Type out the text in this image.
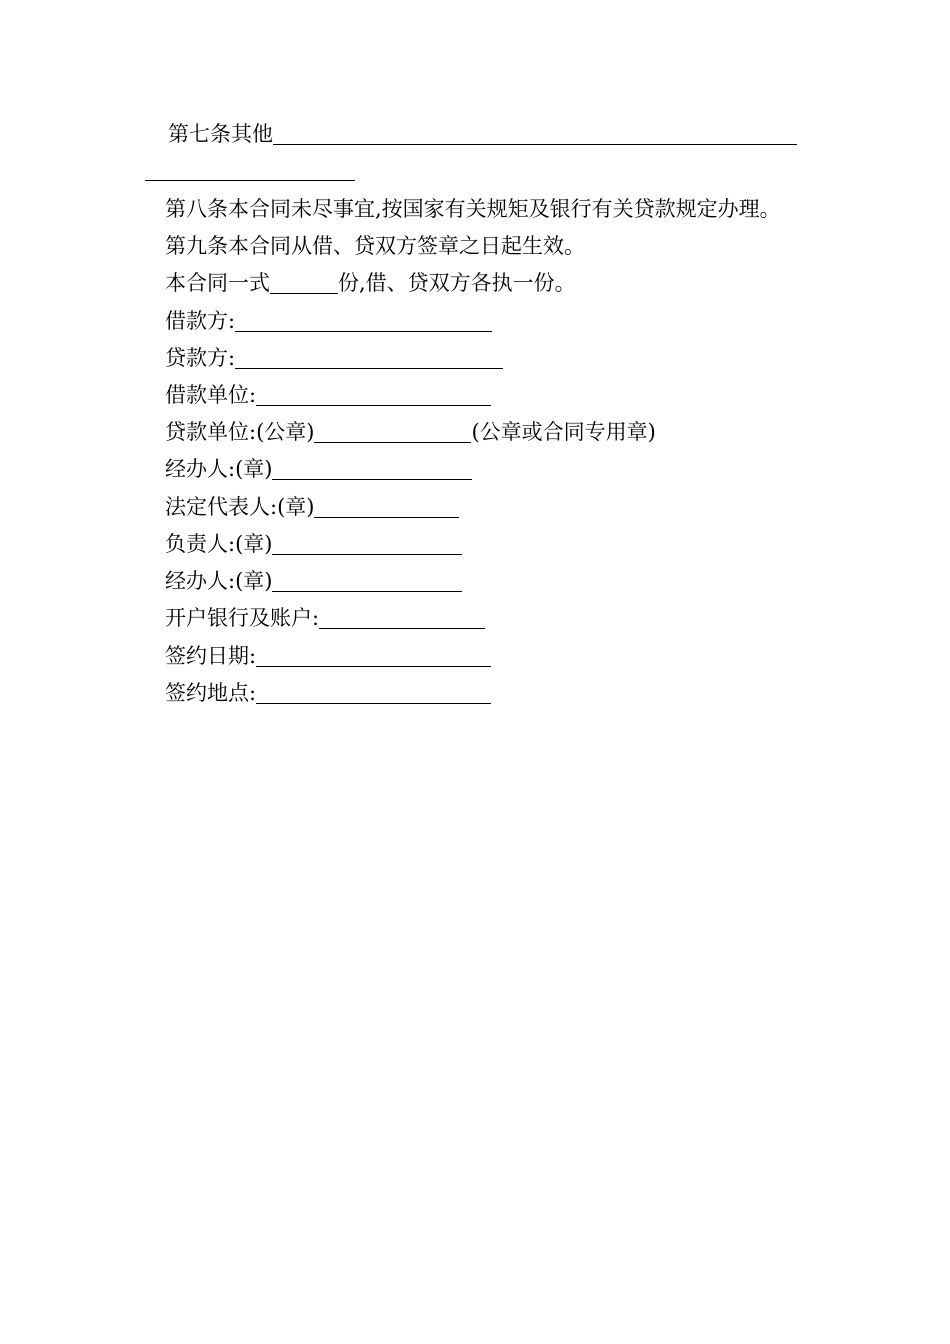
第七条其他
第八条本合同未尽事宜,按国家有关规矩及银行有关贷款规定办理。
第九条本合同从借、贷双方签章之日起生效。
本合同一式	份,借、贷双方各执一份。
借款方:
贷款方:
借款单位:
贷款单位:(公章)	(公章或合同专用章)
经办人:(章)
法定代表人:(章)
负责人:(章)
经办人:(章)
开户银行及账户:
签约日期:
签约地点:
